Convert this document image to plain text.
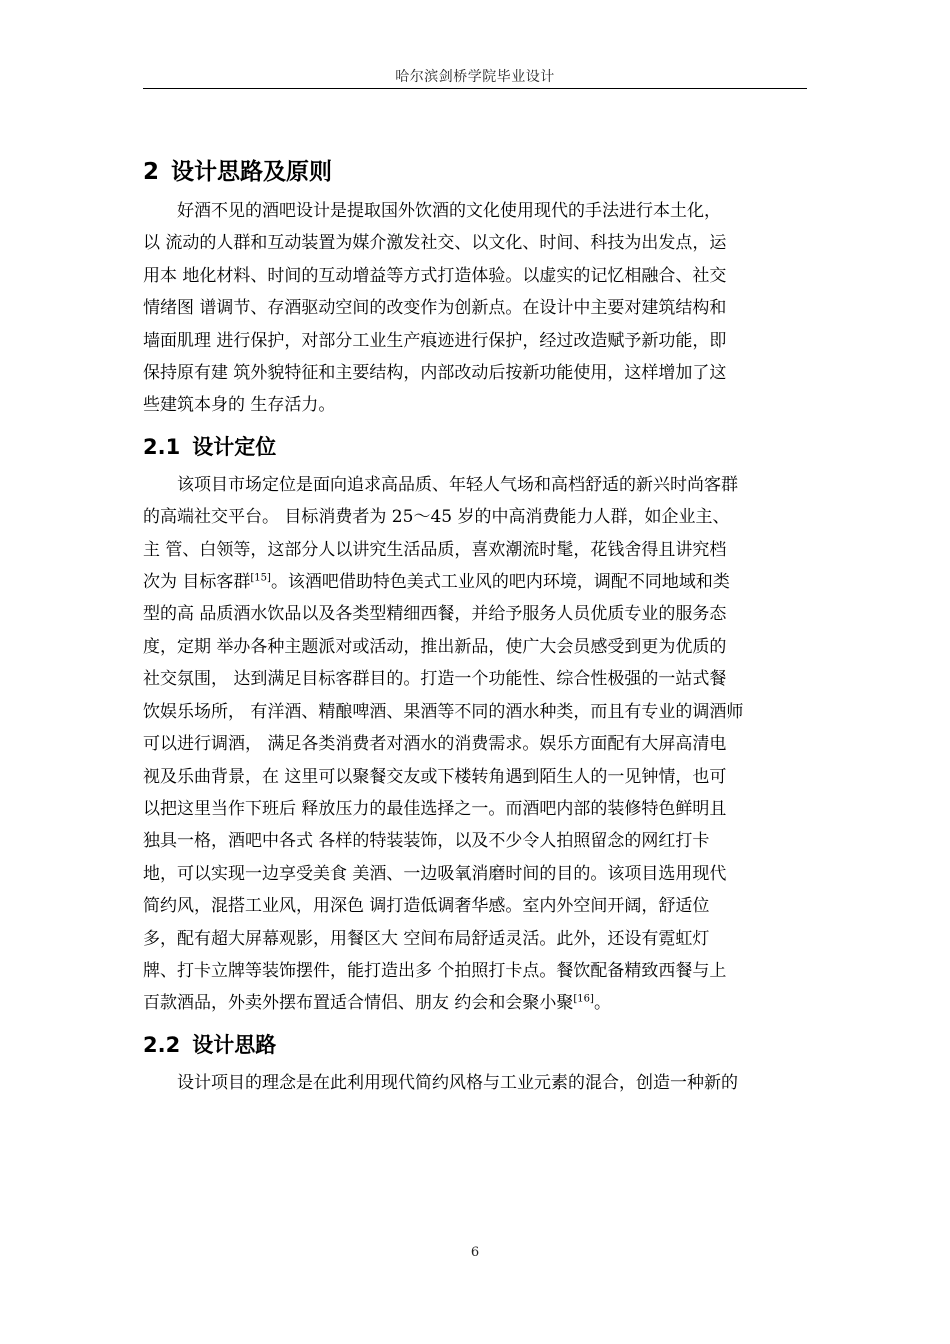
哈尔滨剑桥学院毕业设计
2 设计思路及原则

好酒不见的酒吧设计是提取国外饮酒的文化使用现代的手法进行本土化，
以 流动的人群和互动装置为媒介激发社交、以文化、时间、科技为出发点，运
用本 地化材料、时间的互动增益等方式打造体验。以虚实的记忆相融合、社交
情绪图 谱调节、存酒驱动空间的改变作为创新点。在设计中主要对建筑结构和
墙面肌理 进行保护，对部分工业生产痕迹进行保护，经过改造赋予新功能，即
保持原有建 筑外貌特征和主要结构，内部改动后按新功能使用，这样增加了这
些建筑本身的 生存活力。

2.1 设计定位

该项目市场定位是面向追求高品质、年轻人气场和高档舒适的新兴时尚客群
的高端社交平台。 目标消费者为 25～45 岁的中高消费能力人群，如企业主、
主 管、白领等，这部分人以讲究生活品质，喜欢潮流时髦，花钱舍得且讲究档
次为 目标客群[15]。该酒吧借助特色美式工业风的吧内环境，调配不同地域和类
型的高 品质酒水饮品以及各类型精细西餐，并给予服务人员优质专业的服务态
度，定期 举办各种主题派对或活动，推出新品，使广大会员感受到更为优质的
社交氛围， 达到满足目标客群目的。打造一个功能性、综合性极强的一站式餐
饮娱乐场所， 有洋酒、精酿啤酒、果酒等不同的酒水种类，而且有专业的调酒师
可以进行调酒， 满足各类消费者对酒水的消费需求。娱乐方面配有大屏高清电
视及乐曲背景，在 这里可以聚餐交友或下楼转角遇到陌生人的一见钟情，也可
以把这里当作下班后 释放压力的最佳选择之一。而酒吧内部的装修特色鲜明且
独具一格，酒吧中各式 各样的特装装饰，以及不少令人拍照留念的网红打卡
地，可以实现一边享受美食 美酒、一边吸氧消磨时间的目的。该项目选用现代
简约风，混搭工业风，用深色 调打造低调奢华感。室内外空间开阔，舒适位
多，配有超大屏幕观影，用餐区大 空间布局舒适灵活。此外，还设有霓虹灯
牌、打卡立牌等装饰摆件，能打造出多 个拍照打卡点。餐饮配备精致西餐与上
百款酒品，外卖外摆布置适合情侣、朋友 约会和会聚小聚[16]。

2.2 设计思路

设计项目的理念是在此利用现代简约风格与工业元素的混合，创造一种新的

6
